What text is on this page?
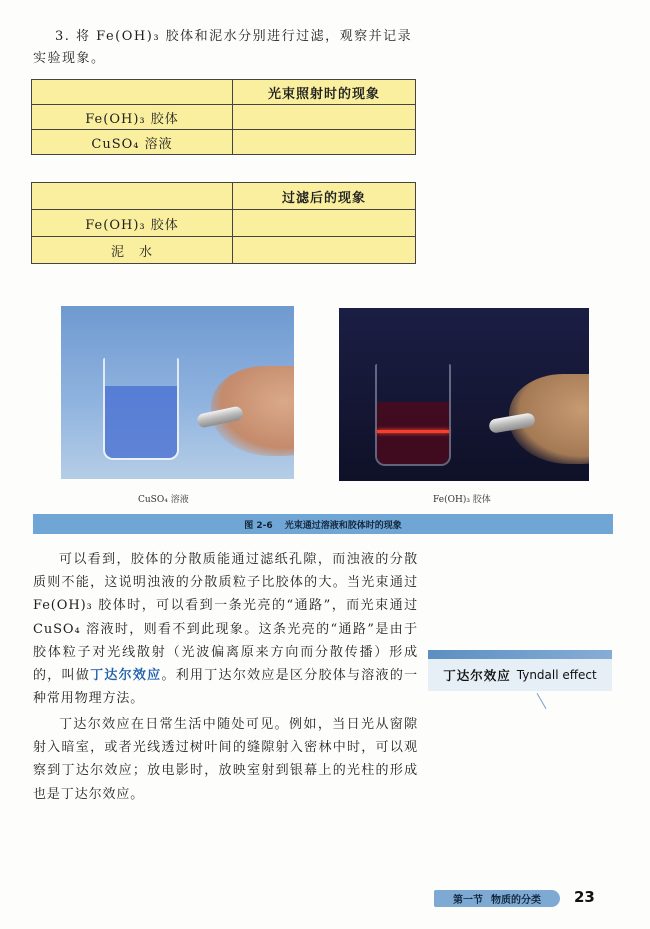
3. 将 Fe(OH)₃ 胶体和泥水分别进行过滤，观察并记录实验现象。
	光束照射时的现象
Fe(OH)₃ 胶体	
CuSO₄ 溶液	
	过滤后的现象
Fe(OH)₃ 胶体	
泥　水	
CuSO₄ 溶液	Fe(OH)₃ 胶体
图 2-6 光束通过溶液和胶体时的现象

可以看到，胶体的分散质能通过滤纸孔隙，而浊液的分散质则不能，这说明浊液的分散质粒子比胶体的大。当光束通过 Fe(OH)₃ 胶体时，可以看到一条光亮的“通路”，而光束通过 CuSO₄ 溶液时，则看不到此现象。这条光亮的“通路”是由于胶体粒子对光线散射（光波偏离原来方向而分散传播）形成的，叫做丁达尔效应。利用丁达尔效应是区分胶体与溶液的一种常用物理方法。

丁达尔效应在日常生活中随处可见。例如，当日光从窗隙射入暗室，或者光线透过树叶间的缝隙射入密林中时，可以观察到丁达尔效应；放电影时，放映室射到银幕上的光柱的形成也是丁达尔效应。

丁达尔效应 Tyndall effect
第一节 物质的分类 23
